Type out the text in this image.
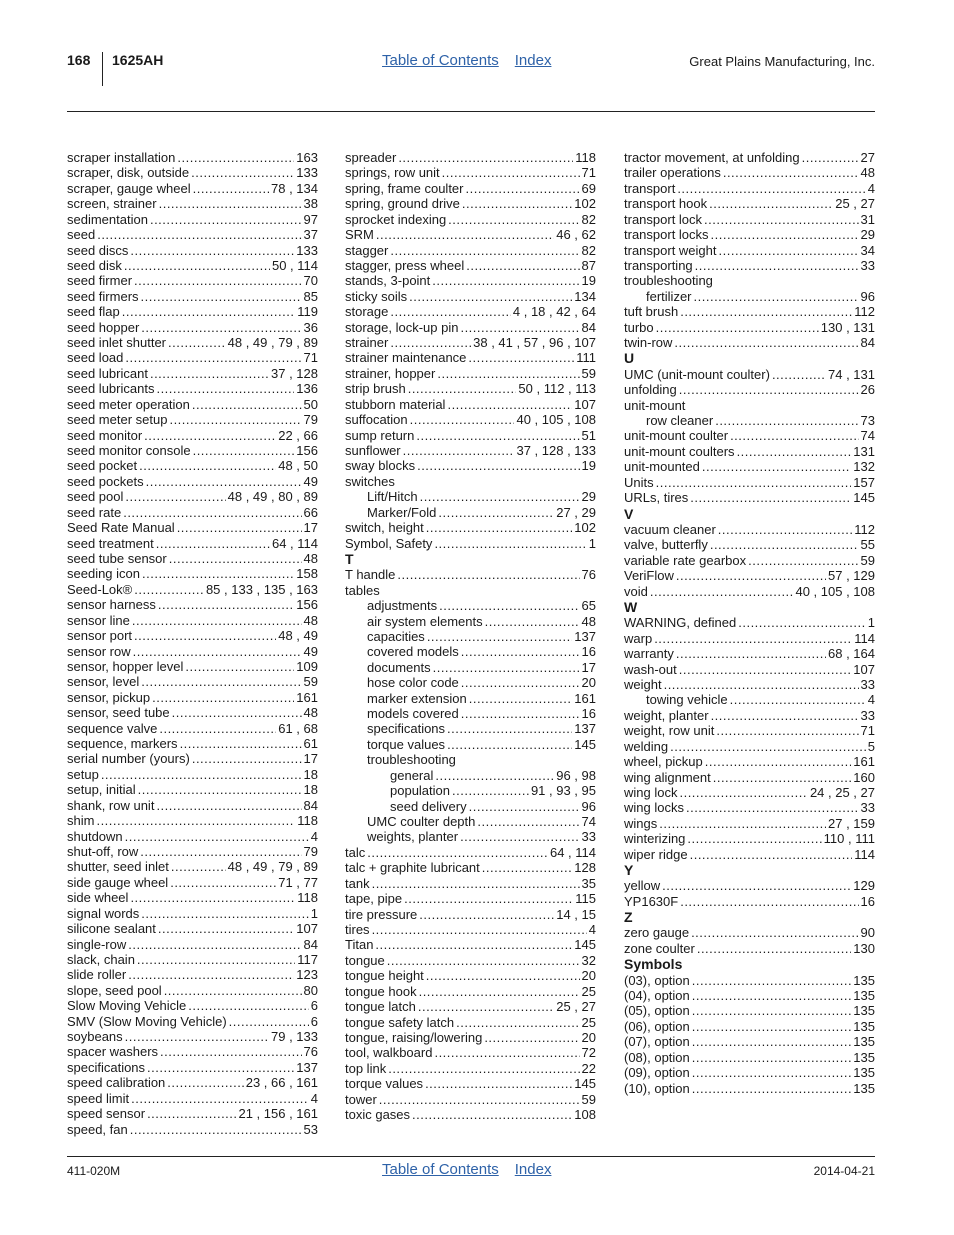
168 1625AH	Table of Contents Index	Great Plains Manufacturing, Inc.
scraper installation .....	163
scraper, disk, outside .....	133
scraper, gauge wheel .....	78 , 134
screen, strainer .....	38
sedimentation .....	97
seed .....	37
seed discs .....	133
seed disk .....	50 , 114
seed firmer .....	70
seed firmers .....	85
seed flap .....	119
seed hopper .....	36
seed inlet shutter .....	48 , 49 , 79 , 89
seed load .....	71
seed lubricant .....	37 , 128
seed lubricants .....	136
seed meter operation .....	50
seed meter setup .....	79
seed monitor .....	22 , 66
seed monitor console .....	156
seed pocket .....	48 , 50
seed pockets .....	49
seed pool .....	48 , 49 , 80 , 89
seed rate .....	66
Seed Rate Manual .....	17
seed treatment .....	64 , 114
seed tube sensor .....	48
seeding icon .....	158
Seed-Lok® .....	85 , 133 , 135 , 163
sensor harness .....	156
sensor line .....	48
sensor port .....	48 , 49
sensor row .....	49
sensor, hopper level .....	109
sensor, level .....	59
sensor, pickup .....	161
sensor, seed tube .....	48
sequence valve .....	61 , 68
sequence, markers .....	61
serial number (yours) .....	17
setup .....	18
setup, initial .....	18
shank, row unit .....	84
shim .....	118
shutdown .....	4
shut-off, row .....	79
shutter, seed inlet .....	48 , 49 , 79 , 89
side gauge wheel .....	71 , 77
side wheel .....	118
signal words .....	1
silicone sealant .....	107
single-row .....	84
slack, chain .....	117
slide roller .....	123
slope, seed pool .....	80
Slow Moving Vehicle .....	6
SMV (Slow Moving Vehicle) .....	6
soybeans .....	79 , 133
spacer washers .....	76
specifications .....	137
speed calibration .....	23 , 66 , 161
speed limit .....	4
speed sensor .....	21 , 156 , 161
speed, fan .....	53
spreader .....	118
springs, row unit .....	71
spring, frame coulter .....	69
spring, ground drive .....	102
sprocket indexing .....	82
SRM .....	46 , 62
stagger .....	82
stagger, press wheel .....	87
stands, 3-point .....	19
sticky soils .....	134
storage .....	4 , 18 , 42 , 64
storage, lock-up pin .....	84
strainer .....	38 , 41 , 57 , 96 , 107
strainer maintenance .....	111
strainer, hopper .....	59
strip brush .....	50 , 112 , 113
stubborn material .....	107
suffocation .....	40 , 105 , 108
sump return .....	51
sunflower .....	37 , 128 , 133
sway blocks .....	19
switches
Lift/Hitch .....	29
Marker/Fold .....	27 , 29
switch, height .....	102
Symbol, Safety .....	1
T
T handle .....	76
tables
adjustments .....	65
air system elements .....	48
capacities .....	137
covered models .....	16
documents .....	17
hose color code .....	20
marker extension .....	161
models covered .....	16
specifications .....	137
torque values .....	145
troubleshooting
general .....	96 , 98
population .....	91 , 93 , 95
seed delivery .....	96
UMC coulter depth .....	74
weights, planter .....	33
talc .....	64 , 114
talc + graphite lubricant .....	128
tank .....	35
tape, pipe .....	115
tire pressure .....	14 , 15
tires .....	4
Titan .....	145
tongue .....	32
tongue height .....	20
tongue hook .....	25
tongue latch .....	25 , 27
tongue safety latch .....	25
tongue, raising/lowering .....	20
tool, walkboard .....	72
top link .....	22
torque values .....	145
tower .....	59
toxic gases .....	108
tractor movement, at unfolding .....	27
trailer operations .....	48
transport .....	4
transport hook .....	25 , 27
transport lock .....	31
transport locks .....	29
transport weight .....	34
transporting .....	33
troubleshooting
fertilizer .....	96
tuft brush .....	112
turbo .....	130 , 131
twin-row .....	84
U
UMC (unit-mount coulter) .....	74 , 131
unfolding .....	26
unit-mount
row cleaner .....	73
unit-mount coulter .....	74
unit-mount coulters .....	131
unit-mounted .....	132
Units .....	157
URLs, tires .....	145
V
vacuum cleaner .....	112
valve, butterfly .....	55
variable rate gearbox .....	59
VeriFlow .....	57 , 129
void .....	40 , 105 , 108
W
WARNING, defined .....	1
warp .....	114
warranty .....	68 , 164
wash-out .....	107
weight .....	33
towing vehicle .....	4
weight, planter .....	33
weight, row unit .....	71
welding .....	5
wheel, pickup .....	161
wing alignment .....	160
wing lock .....	24 , 25 , 27
wing locks .....	33
wings .....	27 , 159
winterizing .....	110 , 111
wiper ridge .....	114
Y
yellow .....	129
YP1630F .....	16
Z
zero gauge .....	90
zone coulter .....	130
Symbols
(03), option .....	135
(04), option .....	135
(05), option .....	135
(06), option .....	135
(07), option .....	135
(08), option .....	135
(09), option .....	135
(10), option .....	135
411-020M	Table of Contents Index	2014-04-21
